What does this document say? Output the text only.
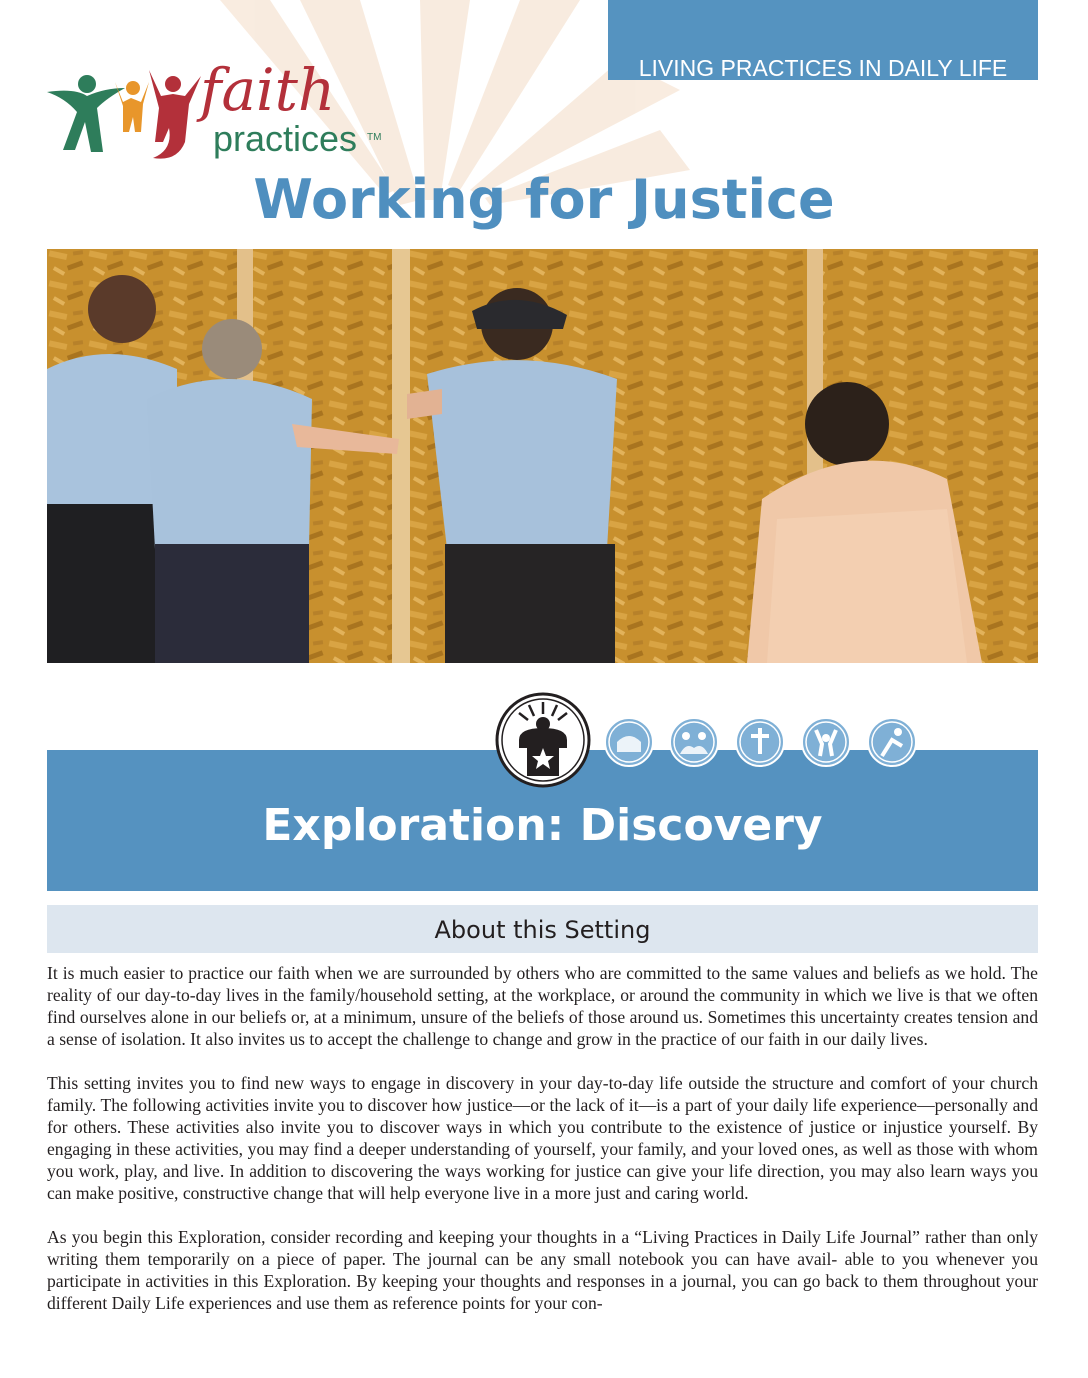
LIVING PRACTICES IN DAILY LIFE
faith
practices TM
Working for Justice
Exploration: Discovery
About this Setting

It is much easier to practice our faith when we are surrounded by others who are committed to the same values and beliefs as we hold. The reality of our day-to-day lives in the family/household setting, at the workplace, or around the community in which we live is that we often find ourselves alone in our beliefs or, at a minimum, unsure of the beliefs of those around us. Sometimes this uncertainty creates tension and a sense of isolation. It also invites us to accept the challenge to change and grow in the practice of our faith in our daily lives.

This setting invites you to find new ways to engage in discovery in your day-to-day life outside the structure and comfort of your church family. The following activities invite you to discover how justice—or the lack of it—is a part of your daily life experience—personally and for others. These activities also invite you to discover ways in which you contribute to the existence of justice or injustice yourself. By engaging in these activities, you may find a deeper understanding of yourself, your family, and your loved ones, as well as those with whom you work, play, and live. In addition to discovering the ways working for justice can give your life direction, you may also learn ways you can make positive, constructive change that will help everyone live in a more just and caring world.

As you begin this Exploration, consider recording and keeping your thoughts in a “Living Practices in Daily Life Journal” rather than only writing them temporarily on a piece of paper. The journal can be any small notebook you can have avail- able to you whenever you participate in activities in this Exploration. By keeping your thoughts and responses in a journal, you can go back to them throughout your different Daily Life experiences and use them as reference points for your con-
